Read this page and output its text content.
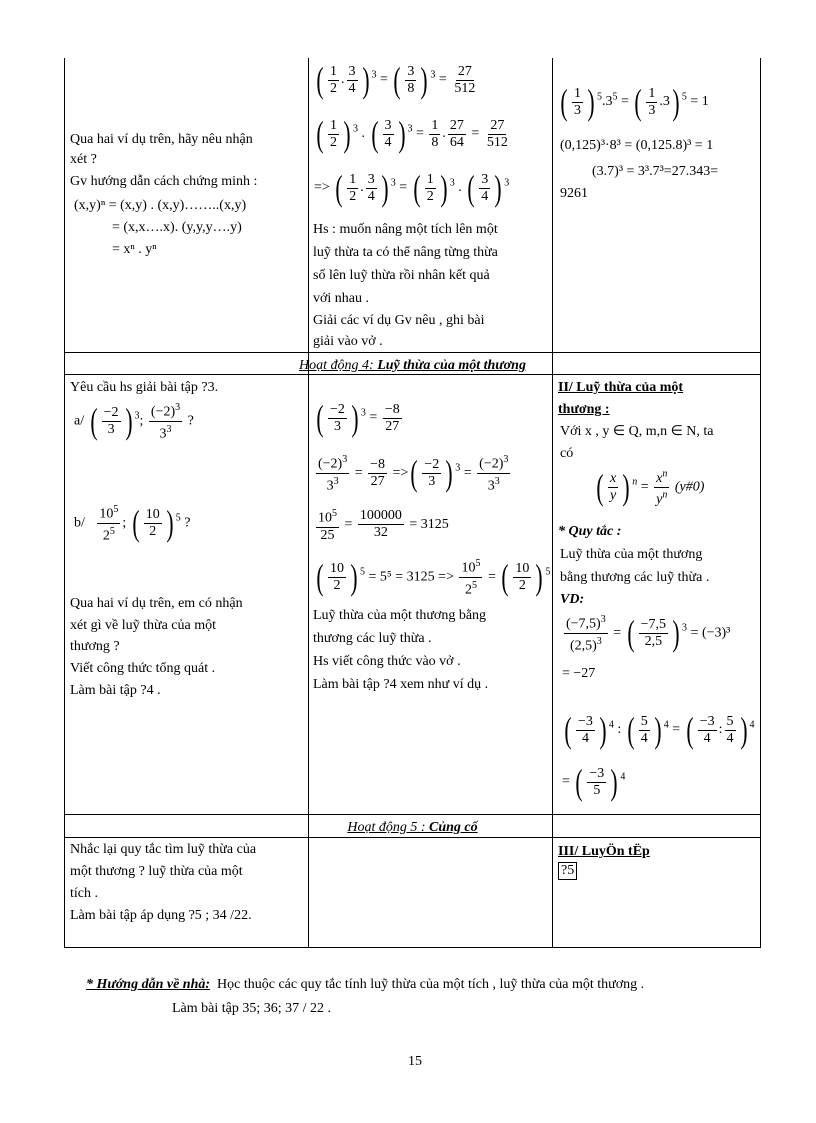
Qua hai ví dụ trên, hãy nêu nhận
xét ?
Gv hướng dẫn cách chứng minh :
(x,y)ⁿ = (x,y) . (x,y)……..(x,y)
= (x,x….x). (y,y,y….y)
= xⁿ . yⁿ
( $\frac{1}{2}$ . $\frac{3}{4}$ ) $^3$ = ( $\frac{3}{8}$ ) $^3 = \frac{27}{512}$
( $\frac{1}{2}$ ) $^3$ . ( $\frac{3}{4}$ ) $^3 = \frac{1}{8}$ . $\frac{27}{64} = \frac{27}{512}$
=> ( $\frac{1}{2}$ . $\frac{3}{4}$ ) $^3$ = ( $\frac{1}{2}$ ) $^3$ . ( $\frac{3}{4}$ ) $^3$
Hs : muốn nâng một tích lên một
luỹ thừa ta có thể nâng từng thừa
số lên luỹ thừa rồi nhân kết quả
với nhau .
Giải các ví dụ Gv nêu , ghi bài
giải vào vở .
( $\frac{1}{3}$ ) $^5.3^5$ = ( $\frac{1}{3} .3$ ) $^5$ = 1
(0,125)³·8³ = (0,125.8)³ = 1
(3.7)³ = 3³.7³=27.343=
9261
Hoạt động 4: Luỹ thừa của một thương
Yêu cầu hs giải bài tập ?3.
a/ ( $\frac{-2}{3}$ ) $^3$; $\frac{(-2)^3}{3^3}$ ?
$b/ \frac{10^5}{2^5}$ ; ( $\frac{10}{2}$ ) $^5$ ?
Qua hai ví dụ trên, em có nhận
xét gì về luỹ thừa của một
thương ?
Viết công thức tổng quát .
Làm bài tập ?4 .
( $\frac{-2}{3}$ ) $^3 = \frac{-8}{27}$
$\frac{(-2)^3}{3^3} = \frac{-8}{27}$ => ( $\frac{-2}{3}$ ) $^3 = \frac{(-2)^3}{3^3}$
$\frac{10^5}{25} = \frac{100000}{32} = 3125$
( $\frac{10}{2}$ ) $^5 = 5^5 = 3125 => \frac{10^5}{2^5}$ = ( $\frac{10}{2}$ ) $^5$
Luỹ thừa của một thương bằng
thương các luỹ thừa .
Hs viết công thức vào vở .
Làm bài tập ?4 xem như ví dụ .
II/ Luỹ thừa của một
thương :
Với x , y ∈ Q, m,n ∈ N, ta
có
( $\frac{x}{y}$ ) $^n = \frac{x^n}{y^n}$ (y#0)
* Quy tắc :
Luỹ thừa của một thương
bằng thương các luỹ thừa .
VD:
$\frac{(-7,5)^3}{(2,5)^3}$ = ( $\frac{-7,5}{2,5}$ ) $^3$ = (−3)³
= −27
( $\frac{-3}{4}$ ) $^4$ : ( $\frac{5}{4}$ ) $^4$ = ( $\frac{-3}{4}$ : $\frac{5}{4}$ ) $^4$
= ( $\frac{-3}{5}$ ) $^4$
Hoạt động 5 : Củng cố
Nhắc lại quy tắc tìm luỹ thừa của
một thương ? luỹ thừa của một
tích .
Làm bài tập áp dụng ?5 ; 34 /22.
III/ LuyÖn tËp
?5
* Hướng dẫn về nhà: Học thuộc các quy tắc tính luỹ thừa của một tích , luỹ thừa của một thương .
Làm bài tập 35; 36; 37 / 22 .
15
